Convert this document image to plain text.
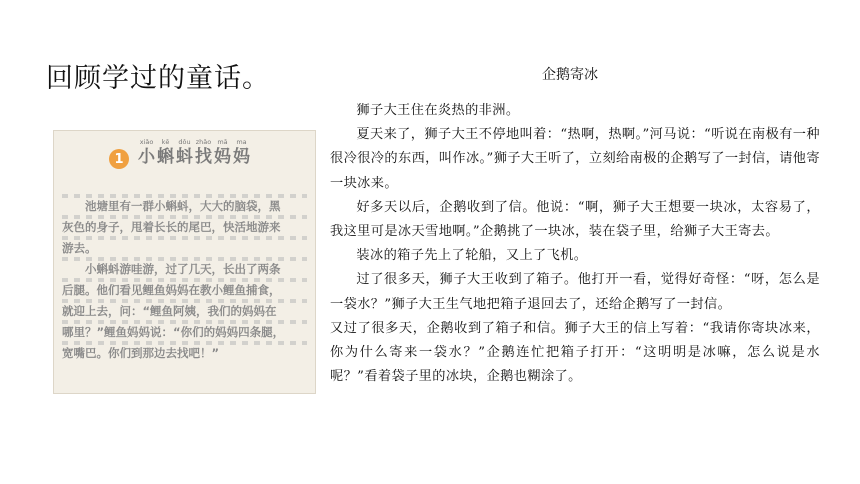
回顾学过的童话。	企鹅寄冰

狮子大王住在炎热的非洲。

夏天来了，狮子大王不停地叫着：“热啊，热啊。”河马说：“听说在南极有一种很冷很冷的东西，叫作冰。”狮子大王听了，立刻给南极的企鹅写了一封信，请他寄一块冰来。

好多天以后，企鹅收到了信。他说：“啊，狮子大王想要一块冰，太容易了，我这里可是冰天雪地啊。”企鹅挑了一块冰，装在袋子里，给狮子大王寄去。

装冰的箱子先上了轮船，又上了飞机。

过了很多天，狮子大王收到了箱子。他打开一看，觉得好奇怪：“呀，怎么是一袋水？”狮子大王生气地把箱子退回去了，还给企鹅写了一封信。

又过了很多天，企鹅收到了箱子和信。狮子大王的信上写着：“我请你寄块冰来，你为什么寄来一袋水？”企鹅连忙把箱子打开：“这明明是冰嘛，怎么说是水呢？”看着袋子里的冰块，企鹅也糊涂了。

1
xiǎo
小
kē
蝌
dǒu
蚪
zhǎo
找
mā
妈
ma
妈
　　池塘里有一群小蝌蚪，大大的脑袋，黑
灰色的身子，甩着长长的尾巴，快活地游来
游去。
　　小蝌蚪游哇游，过了几天，长出了两条
后腿。他们看见鲤鱼妈妈在教小鲤鱼捕食，
就迎上去，问：“鲤鱼阿姨，我们的妈妈在
哪里？”鲤鱼妈妈说：“你们的妈妈四条腿，
宽嘴巴。你们到那边去找吧！”
